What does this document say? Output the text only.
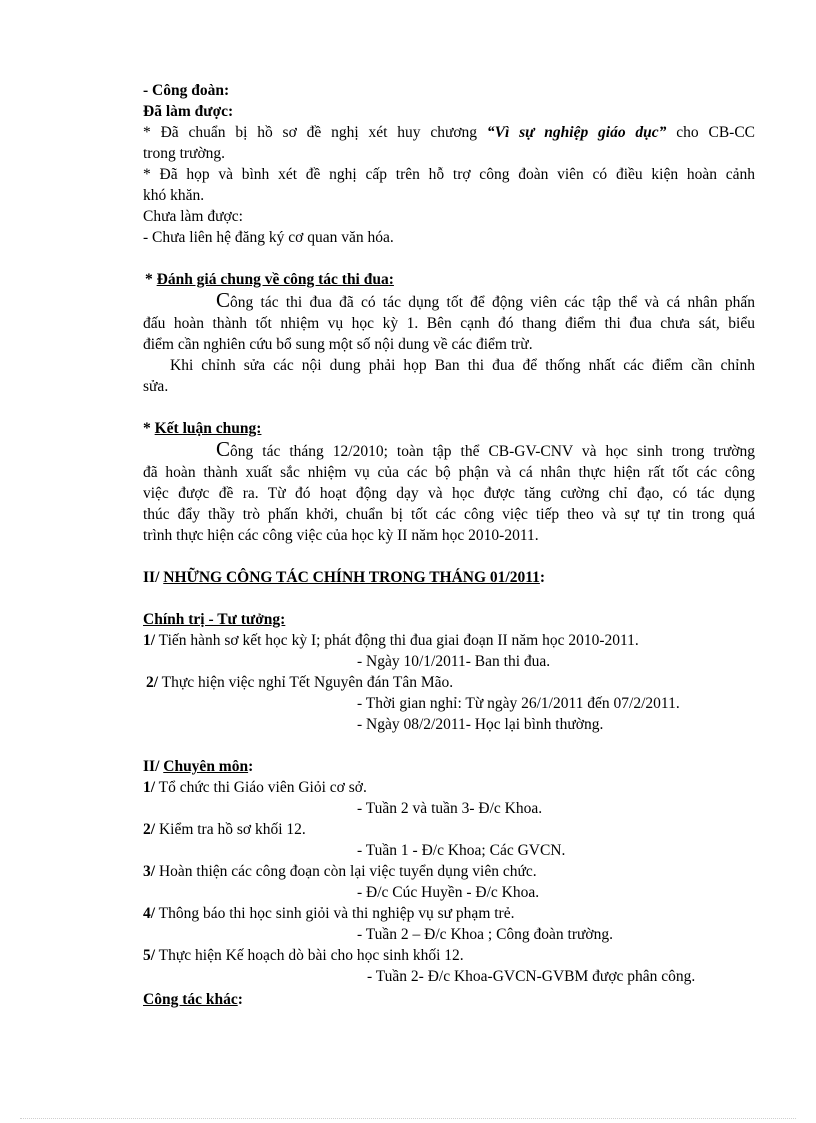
- Công đoàn:
Đã làm được:
* Đã chuẩn bị hồ sơ đề nghị xét huy chương “Vì sự nghiệp giáo dục” cho CB-CC
trong trường.
* Đã họp và bình xét đề nghị cấp trên hỗ trợ công đoàn viên có điều kiện hoàn cảnh
khó khăn.
Chưa làm được:
- Chưa liên hệ đăng ký cơ quan văn hóa.
* Đánh giá chung về công tác thi đua:
Công tác thi đua đã có tác dụng tốt để động viên các tập thể và cá nhân phấn
đấu hoàn thành tốt nhiệm vụ học kỳ 1. Bên cạnh đó thang điểm thi đua chưa sát, biểu
điểm cần nghiên cứu bổ sung một số nội dung về các điểm trừ.
Khi chỉnh sửa các nội dung phải họp Ban thi đua để thống nhất các điểm cần chỉnh
sửa.
* Kết luận chung:
Công tác tháng 12/2010; toàn tập thể CB-GV-CNV và học sinh trong trường
đã hoàn thành xuất sắc nhiệm vụ của các bộ phận và cá nhân thực hiện rất tốt các công
việc được đề ra. Từ đó hoạt động dạy và học được tăng cường chỉ đạo, có tác dụng
thúc đẩy thầy trò phấn khởi, chuẩn bị tốt các công việc tiếp theo và sự tự tin trong quá
trình thực hiện các công việc của học kỳ II năm học 2010-2011.
II/ NHỮNG CÔNG TÁC CHÍNH TRONG THÁNG 01/2011:
Chính trị - Tư tưởng:
1/ Tiến hành sơ kết học kỳ I; phát động thi đua giai đoạn II năm học 2010-2011.
- Ngày 10/1/2011- Ban thi đua.
2/ Thực hiện việc nghỉ Tết Nguyên đán Tân Mão.
- Thời gian nghỉ: Từ ngày 26/1/2011 đến 07/2/2011.
- Ngày 08/2/2011- Học lại bình thường.
II/ Chuyên môn:
1/ Tổ chức thi Giáo viên Giỏi cơ sở.
- Tuần 2 và tuần 3- Đ/c Khoa.
2/ Kiểm tra hồ sơ khối 12.
- Tuần 1 - Đ/c Khoa; Các GVCN.
3/ Hoàn thiện các công đoạn còn lại việc tuyển dụng viên chức.
- Đ/c Cúc Huyền - Đ/c Khoa.
4/ Thông báo thi học sinh giỏi và thi nghiệp vụ sư phạm trẻ.
- Tuần 2 – Đ/c Khoa ; Công đoàn trường.
5/ Thực hiện Kế hoạch dò bài cho học sinh khối 12.
- Tuần 2- Đ/c Khoa-GVCN-GVBM được phân công.
Công tác khác:
